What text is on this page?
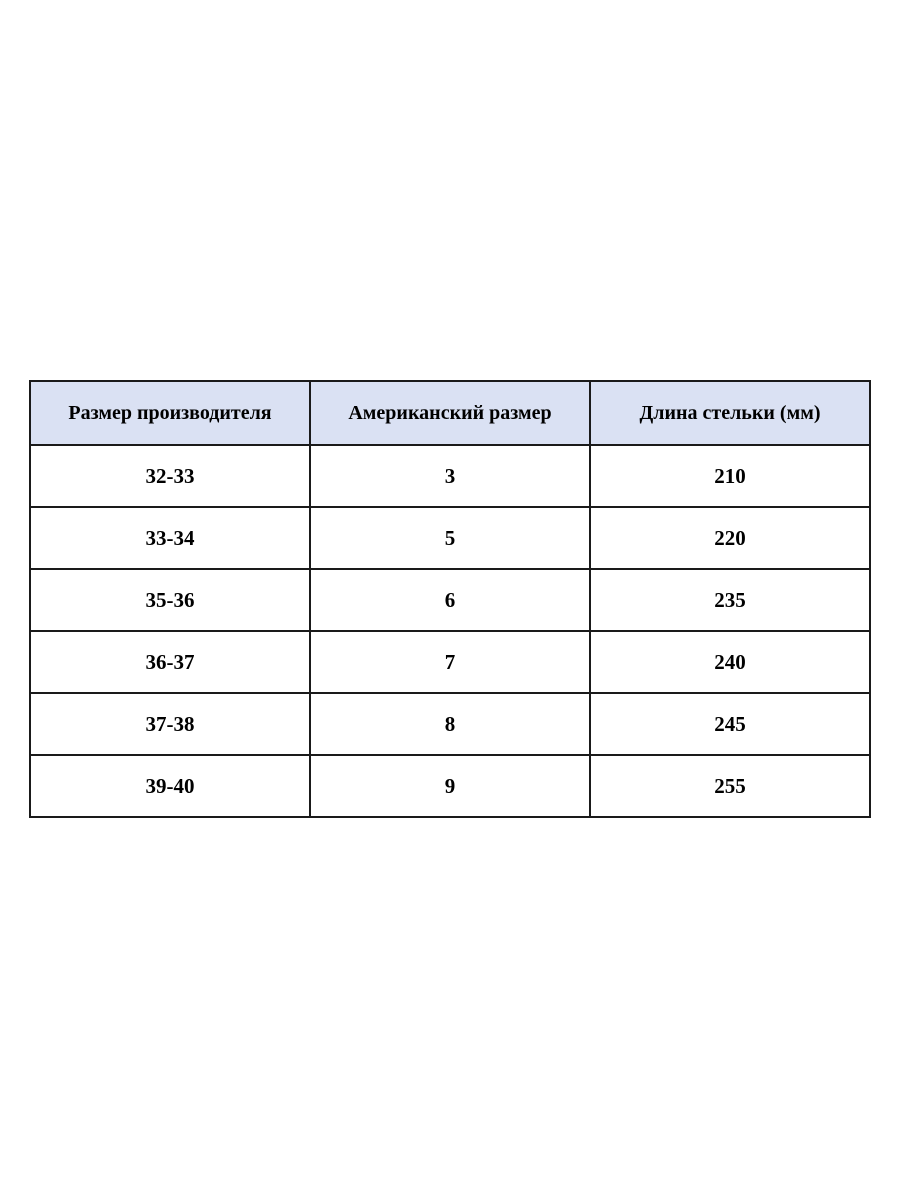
Размер производителя	Американский размер	Длина стельки (мм)
32-33	3	210
33-34	5	220
35-36	6	235
36-37	7	240
37-38	8	245
39-40	9	255
